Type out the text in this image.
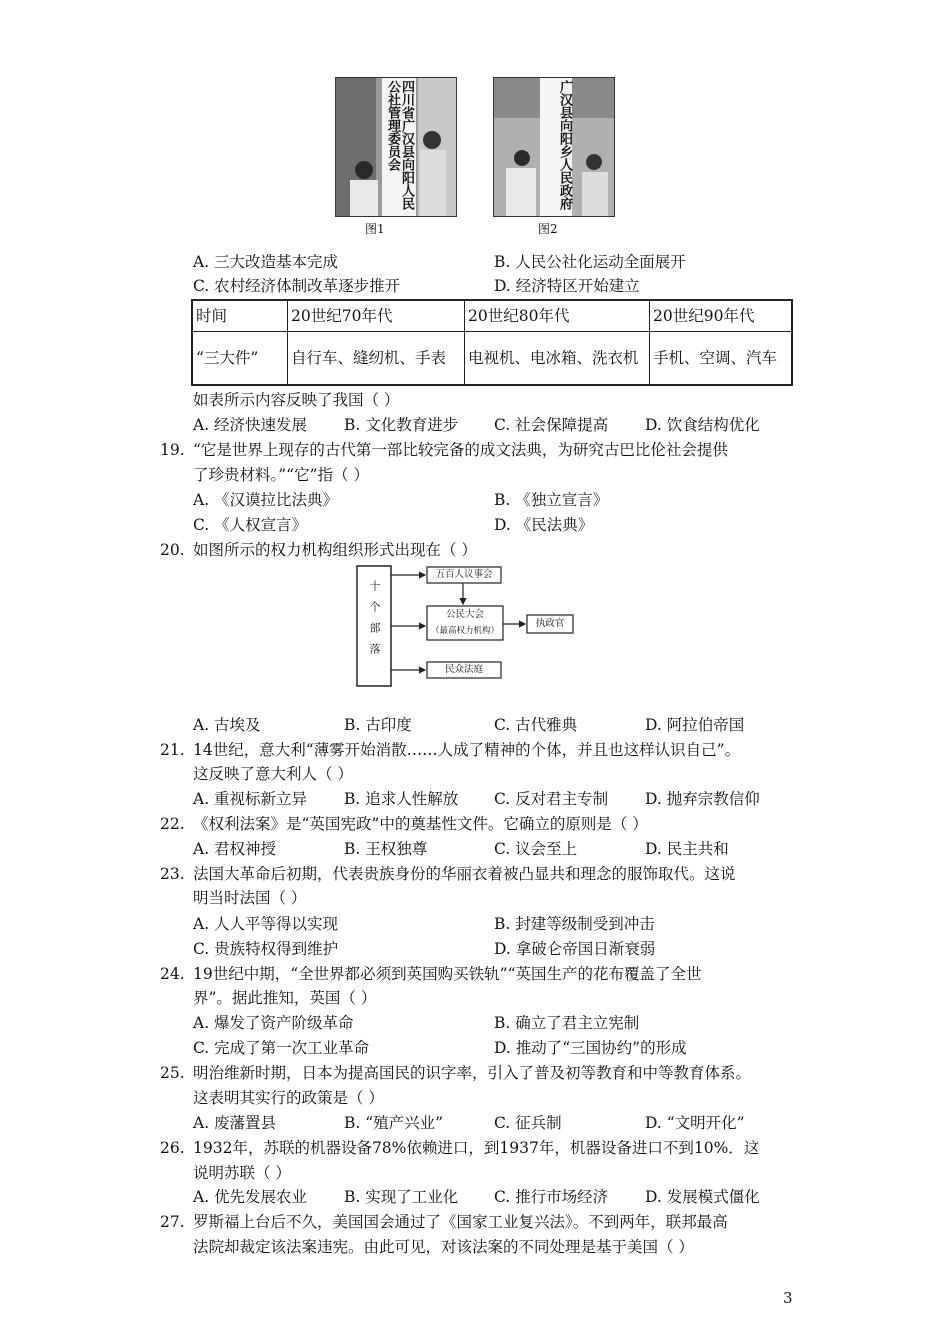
四川省广汉县向阳人民公社管理委员会
图1
广汉县向阳乡人民政府
图2
A. 三大改造基本完成	B. 人民公社化运动全面展开
C. 农村经济体制改革逐步推开	D. 经济特区开始建立
时间	20世纪70年代	20世纪80年代	20世纪90年代
“三大件”	自行车、缝纫机、手表	电视机、电冰箱、洗衣机	手机、空调、汽车
如表所示内容反映了我国（ ）
A. 经济快速发展 B. 文化教育进步 C. 社会保障提高 D. 饮食结构优化
19. “它是世界上现存的古代第一部比较完备的成文法典，为研究古巴比伦社会提供
了珍贵材料。”“它”指（ ）
A. 《汉谟拉比法典》	B. 《独立宣言》
C. 《人权宣言》	D. 《民法典》
20. 如图所示的权力机构组织形式出现在（ ）
十个部落
五百人议事会
公民大会
（最高权力机构）
执政官
民众法庭
A. 古埃及	B. 古印度	C. 古代雅典	D. 阿拉伯帝国
21. 14世纪，意大利“薄雾开始消散……人成了精神的个体，并且也这样认识自己”。
这反映了意大利人（ ）
A. 重视标新立异 B. 追求人性解放 C. 反对君主专制 D. 抛弃宗教信仰
22. 《权利法案》是“英国宪政”中的奠基性文件。它确立的原则是（ ）
A. 君权神授	B. 王权独尊	C. 议会至上	D. 民主共和
23. 法国大革命后初期，代表贵族身份的华丽衣着被凸显共和理念的服饰取代。这说
明当时法国（ ）
A. 人人平等得以实现	B. 封建等级制受到冲击
C. 贵族特权得到维护	D. 拿破仑帝国日渐衰弱
24. 19世纪中期，“全世界都必须到英国购买铁轨”“英国生产的花布覆盖了全世
界”。据此推知，英国（ ）
A. 爆发了资产阶级革命	B. 确立了君主立宪制
C. 完成了第一次工业革命	D. 推动了“三国协约”的形成
25. 明治维新时期，日本为提高国民的识字率，引入了普及初等教育和中等教育体系。
这表明其实行的政策是（ ）
A. 废藩置县	B. “殖产兴业”	C. 征兵制	D. “文明开化”
26. 1932年，苏联的机器设备78%依赖进口，到1937年，机器设备进口不到10%．这
说明苏联（ ）
A. 优先发展农业 B. 实现了工业化 C. 推行市场经济 D. 发展模式僵化
27. 罗斯福上台后不久，美国国会通过了《国家工业复兴法》。不到两年，联邦最高
法院却裁定该法案违宪。由此可见，对该法案的不同处理是基于美国（ ）
3
